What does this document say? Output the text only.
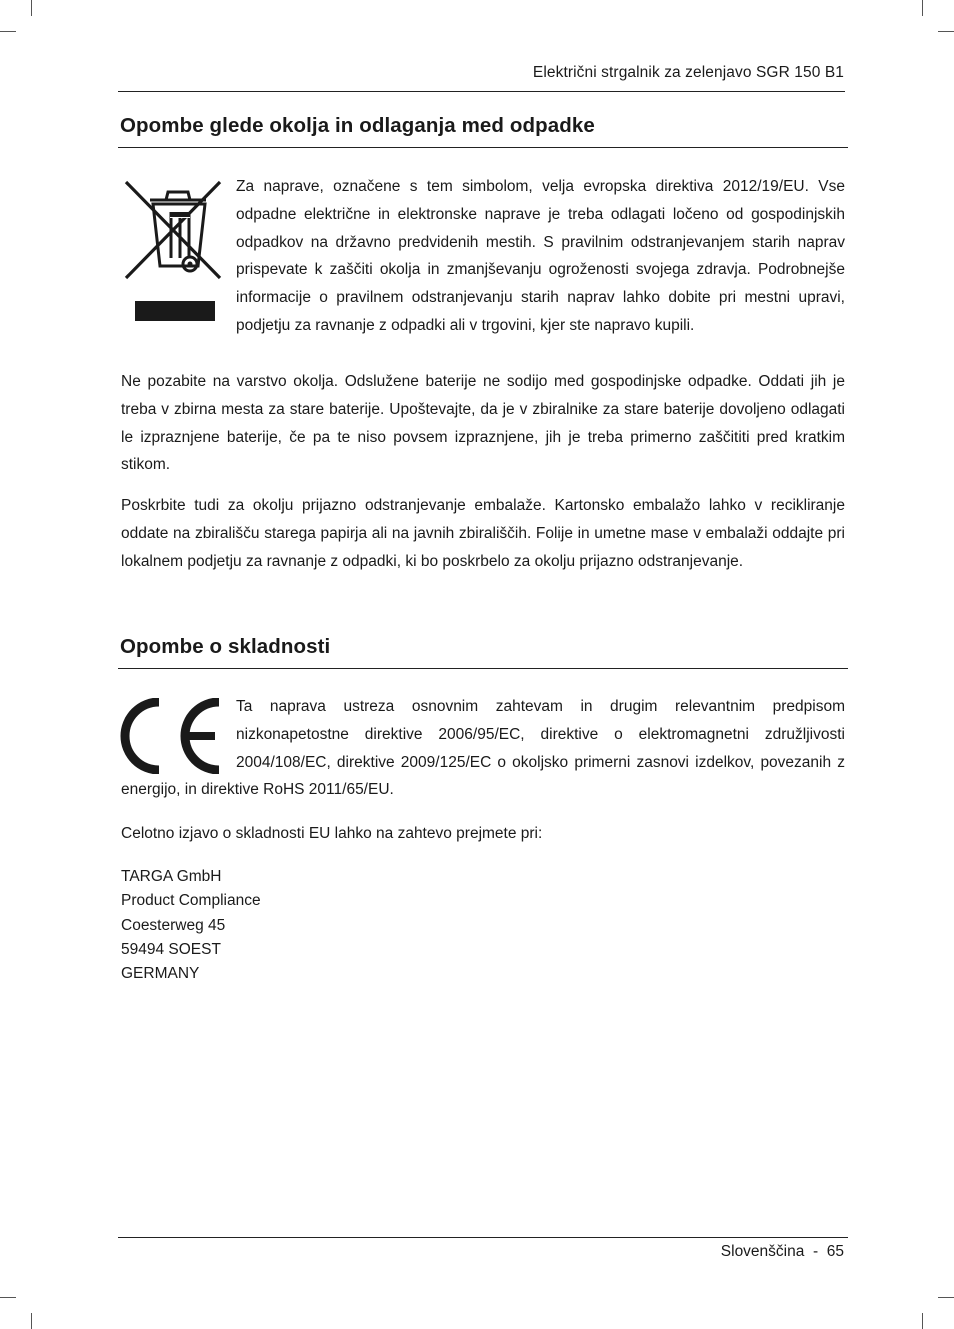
Električni strgalnik za zelenjavo SGR 150 B1
Opombe glede okolja in odlaganja med odpadke

Za naprave, označene s tem simbolom, velja evropska direktiva 2012/19/EU. Vse odpadne električne in elektronske naprave je treba odlagati ločeno od gospodinjskih odpadkov na državno predvidenih mestih. S pravilnim odstranjevanjem starih naprav prispevate k zaščiti okolja in zmanjševanju ogroženosti svojega zdravja. Podrobnejše informacije o pravilnem odstranjevanju starih naprav lahko dobite pri mestni upravi, podjetju za ravnanje z odpadki ali v trgovini, kjer ste napravo kupili.

Ne pozabite na varstvo okolja. Odslužene baterije ne sodijo med gospodinjske odpadke. Oddati jih je treba v zbirna mesta za stare baterije. Upoštevajte, da je v zbiralnike za stare baterije dovoljeno odlagati le izpraznjene baterije, če pa te niso povsem izpraznjene, jih je treba primerno zaščititi pred kratkim stikom.

Poskrbite tudi za okolju prijazno odstranjevanje embalaže. Kartonsko embalažo lahko v recikliranje oddate na zbirališču starega papirja ali na javnih zbirališčih. Folije in umetne mase v embalaži oddajte pri lokalnem podjetju za ravnanje z odpadki, ki bo poskrbelo za okolju prijazno odstranjevanje.

Opombe o skladnosti
Ta naprava ustreza osnovnim zahtevam in drugim relevantnim predpisom nizkonapetostne direktive 2006/95/EC, direktive o elektromagnetni združljivosti 2004/108/EC, direktive 2009/125/EC o okoljsko primerni zasnovi izdelkov, povezanih z energijo, in direktive RoHS 2011/65/EU.

Celotno izjavo o skladnosti EU lahko na zahtevo prejmete pri:

TARGA GmbH
Product Compliance
Coesterweg 45
59494 SOEST
GERMANY
Slovenščina  -  65
